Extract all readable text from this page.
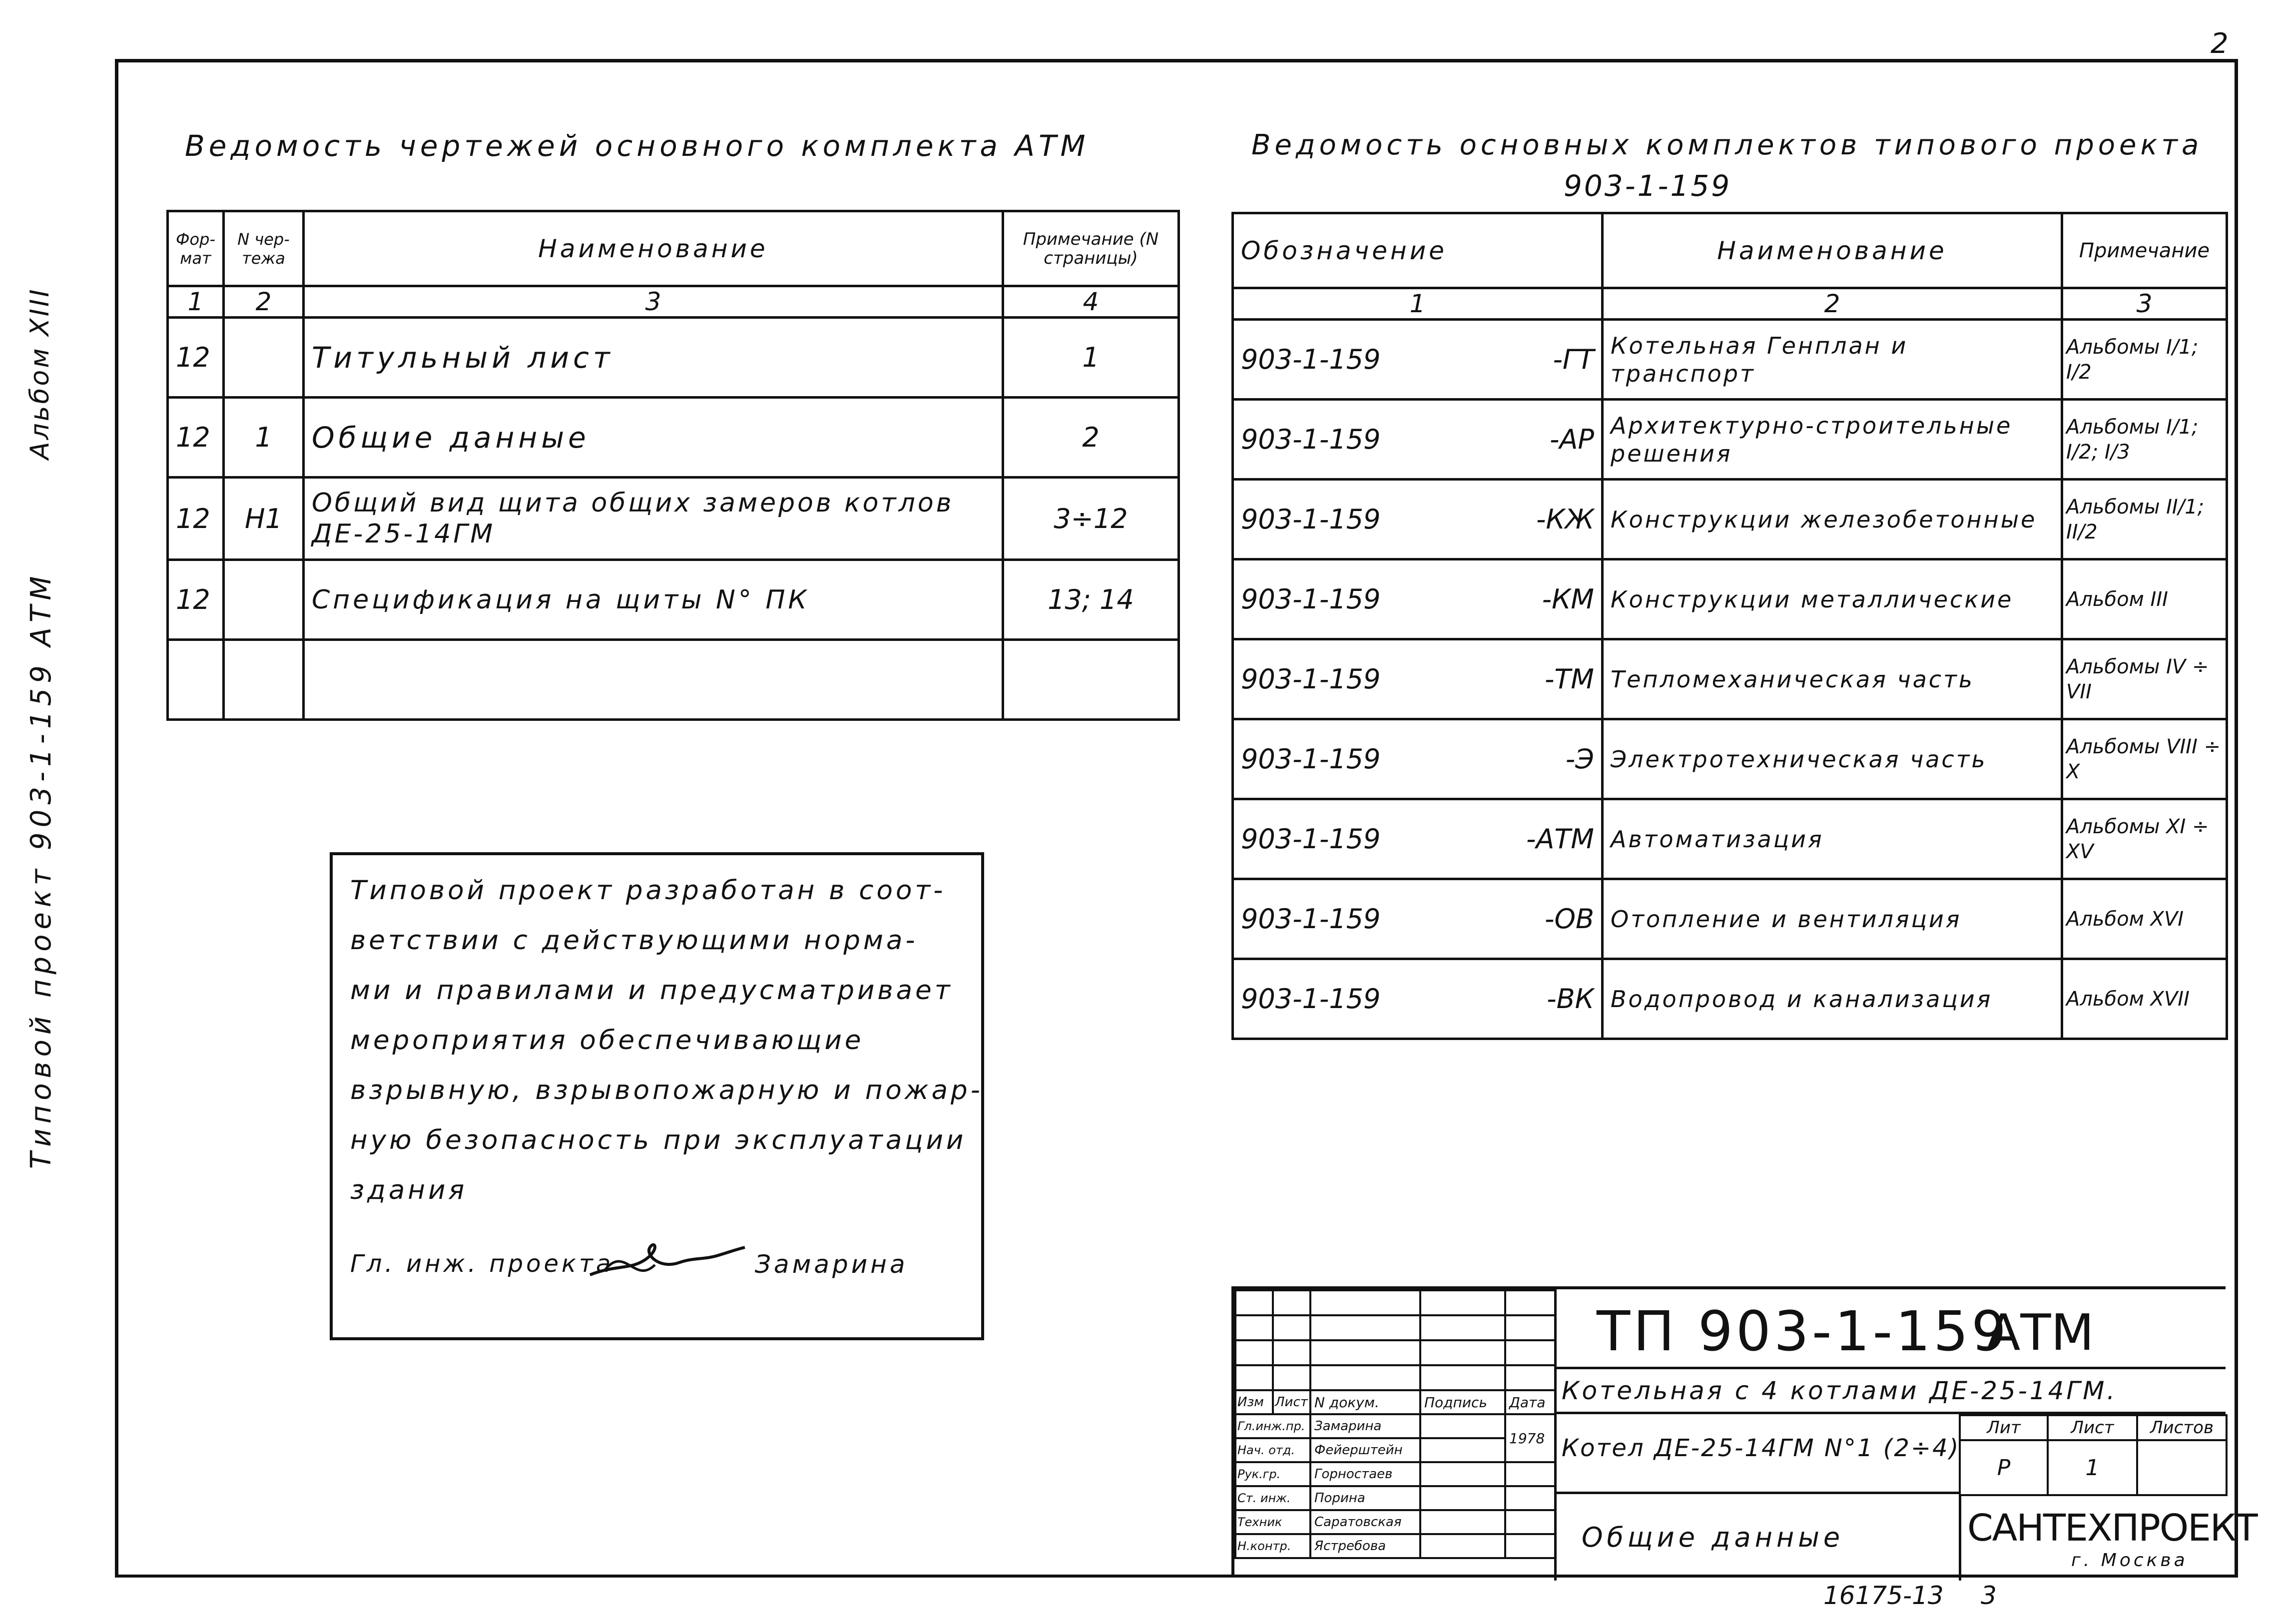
2
Альбом XIII
Типовой проект 903-1-159 АТМ
Ведомость чертежей основного комплекта АТМ
Фор-мат	N чер-тежа	Наименование	Примечание (N страницы)
1	2	3	4
12		Титульный лист	1
12	1	Общие данные	2
12	Н1	Общий вид щита общих замеров котлов ДЕ-25-14ГМ	3÷12
12		Спецификация на щиты N° ПК	13; 14

Ведомость основных комплектов типового проекта
903-1-159
Обозначение	Наименование	Примечание
1	2	3
903-1-159 -ГТ	Котельная Генплан и транспорт	Альбомы I/1; I/2
903-1-159 -АР	Архитектурно-строительные решения	Альбомы I/1; I/2; I/3
903-1-159 -КЖ	Конструкции железобетонные	Альбомы II/1; II/2
903-1-159 -КМ	Конструкции металлические	Альбом III
903-1-159 -ТМ	Тепломеханическая часть	Альбомы IV ÷ VII
903-1-159 -Э	Электротехническая часть	Альбомы VIII ÷ X
903-1-159 -АТМ	Автоматизация	Альбомы XI ÷ XV
903-1-159 -ОВ	Отопление и вентиляция	Альбом XVI
903-1-159 -ВК	Водопровод и канализация	Альбом XVII
Типовой проект разработан в соот-
ветствии с действующими норма-
ми и правилами и предусматривает
мероприятия обеспечивающие
взрывную, взрывопожарную и пожар-
ную безопасность при эксплуатации
здания
Гл. инж. проекта	Замарина

Изм	Лист	N докум.	Подпись	Дата
Гл.инж.пр.		Замарина		1978
Нач. отд.		Фейерштейн		
Рук.гр.		Горностаев		
Ст. инж.		Порина		
Техник		Саратовская		
Н.контр.		Ястребова		
ТП 903-1-159
АТМ
Котельная с 4 котлами ДЕ-25-14ГМ.
Котел ДЕ-25-14ГМ N°1 (2÷4)
Лит	Лист	Листов
Р	1	
Общие данные	САНТЕХПРОЕКТ
г. Москва
16175-13 3
